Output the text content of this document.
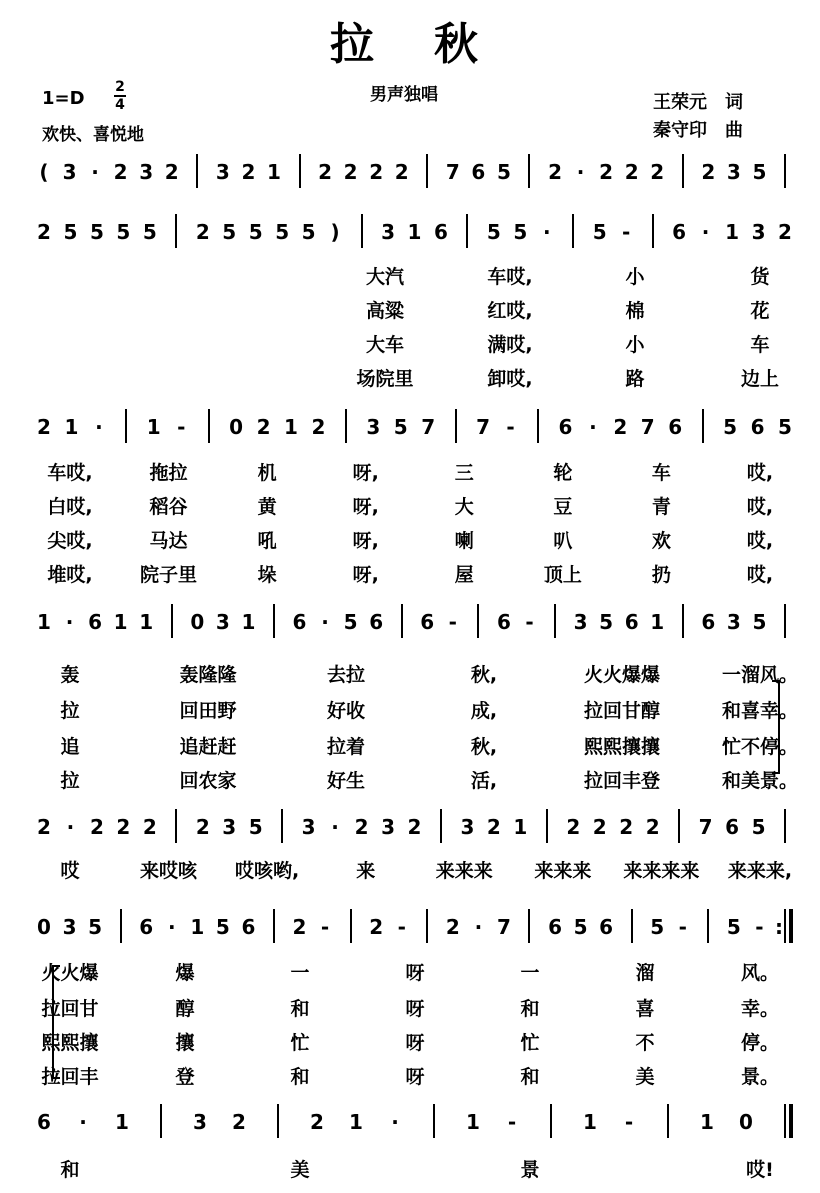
拉秋
1=D
2
4	男声独唱
欢快、喜悦地
王荣元　词
秦守印　曲
( 3 · 2 3 2 3 2 1 2 2 2 2 7 6 5 2 · 2 2 2 2 3 5
2 5 5 5 5 2 5 5 5 5 ) 3 1 6 5 5 · 5 - 6 · 1 3 2
大汽	车哎,	小	货
高粱	红哎,	棉	花
大车	满哎,	小	车
场院里	卸哎,	路	边上
2 1 · 1 - 0 2 1 2 3 5 7 7 - 6 · 2 7 6 5 6 5
车哎,	拖拉	机	呀,	三	轮	车	哎,
白哎,	稻谷	黄	呀,	大	豆	青	哎,
尖哎,	马达	吼	呀,	喇	叭	欢	哎,
堆哎, 院子里	垛	呀,	屋	顶上	扔	哎,
1 · 6 1 1 0 3 1 6 · 5 6 6 - 6 - 3 5 6 1 6 3 5
轰	轰隆隆	去拉	秋,	火火爆爆	一溜风。
拉	回田野	好收	成,	拉回甘醇	和喜幸。
追	追赶赶	拉着	秋,	熙熙攘攘	忙不停。
拉	回农家	好生	活,	拉回丰登	和美景。
2 · 2 2 2 2 3 5 3 · 2 3 2 3 2 1 2 2 2 2 7 6 5
哎	来哎咳 哎咳哟,	来	来来来 来来来 来来来来 来来来,
0 3 5 6 · 1 5 6 2 - 2 - 2 · 7 6 5 6 5 - 5 - :
火火爆	爆	一	呀	一	溜	风。
拉回甘	醇	和	呀	和	喜	幸。
熙熙攘	攘	忙	呀	忙	不	停。
拉回丰	登	和	呀	和	美	景。
6 · 1	3 2	2 1 ·	1 -	1 -	1 0
和	美	景	哎!
